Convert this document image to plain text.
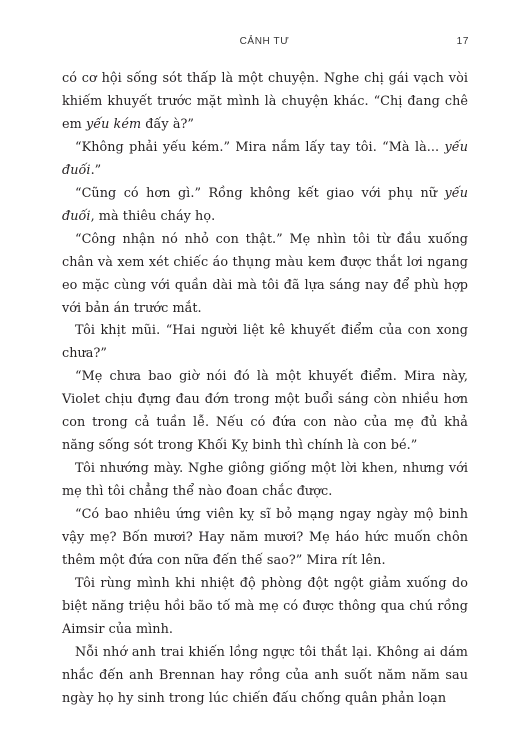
CẢNH TƯ	17

có cơ hội sống sót thấp là một chuyện. Nghe chị gái vạch vòi khiếm khuyết trước mặt mình là chuyện khác. “Chị đang chê em yếu kém đấy à?”

“Không phải yếu kém.” Mira nắm lấy tay tôi. “Mà là... yếu đuối.”

“Cũng có hơn gì.” Rồng không kết giao với phụ nữ yếu đuối, mà thiêu cháy họ.

“Công nhận nó nhỏ con thật.” Mẹ nhìn tôi từ đầu xuống chân và xem xét chiếc áo thụng màu kem được thắt lơi ngang eo mặc cùng với quần dài mà tôi đã lựa sáng nay để phù hợp với bản án trước mắt.

Tôi khịt mũi. “Hai người liệt kê khuyết điểm của con xong chưa?”

“Mẹ chưa bao giờ nói đó là một khuyết điểm. Mira này, Violet chịu đựng đau đớn trong một buổi sáng còn nhiều hơn con trong cả tuần lễ. Nếu có đứa con nào của mẹ đủ khả năng sống sót trong Khối Kỵ binh thì chính là con bé.”

Tôi nhướng mày. Nghe giông giống một lời khen, nhưng với mẹ thì tôi chẳng thể nào đoan chắc được.

“Có bao nhiêu ứng viên kỵ sĩ bỏ mạng ngay ngày mộ binh vậy mẹ? Bốn mươi? Hay năm mươi? Mẹ háo hức muốn chôn thêm một đứa con nữa đến thế sao?” Mira rít lên.

Tôi rùng mình khi nhiệt độ phòng đột ngột giảm xuống do biệt năng triệu hồi bão tố mà mẹ có được thông qua chú rồng Aimsir của mình.

Nỗi nhớ anh trai khiến lồng ngực tôi thắt lại. Không ai dám nhắc đến anh Brennan hay rồng của anh suốt năm năm sau ngày họ hy sinh trong lúc chiến đấu chống quân phản loạn
